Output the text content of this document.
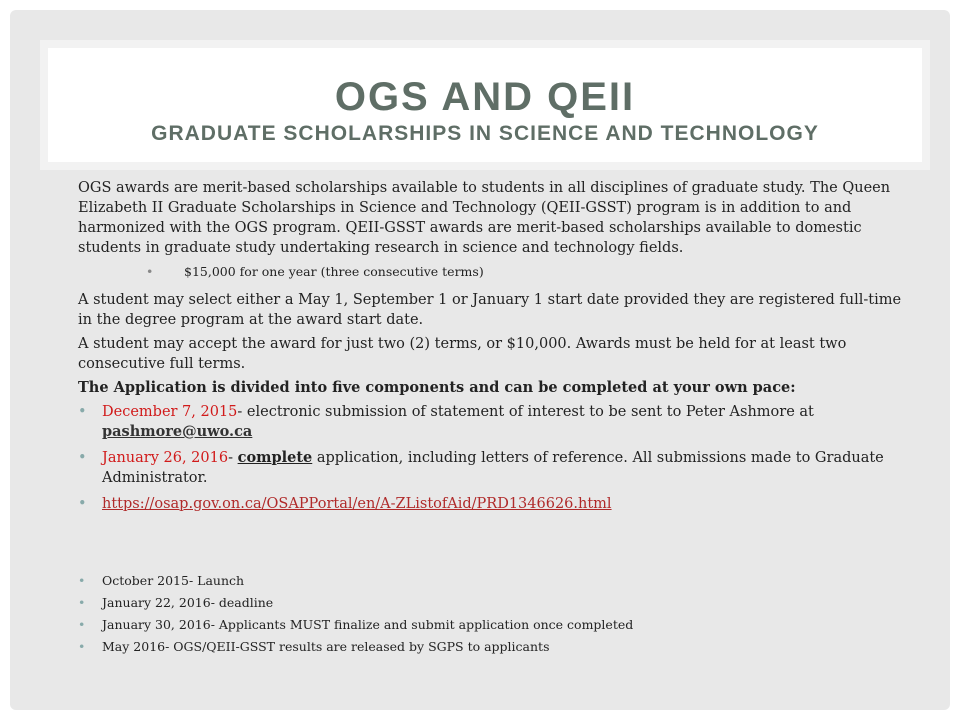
OGS AND QEII
GRADUATE SCHOLARSHIPS IN SCIENCE AND TECHNOLOGY

OGS awards are merit-based scholarships available to students in all disciplines of graduate study. The Queen Elizabeth II Graduate Scholarships in Science and Technology (QEII-GSST) program is in addition to and harmonized with the OGS program. QEII-GSST awards are merit-based scholarships available to domestic students in graduate study undertaking research in science and technology fields.

• $15,000 for one year (three consecutive terms)

A student may select either a May 1, September 1 or January 1 start date provided they are registered full-time in the degree program at the award start date.

A student may accept the award for just two (2) terms, or $10,000. Awards must be held for at least two consecutive full terms.

The Application is divided into five components and can be completed at your own pace:

• December 7, 2015- electronic submission of statement of interest to be sent to Peter Ashmore at pashmore@uwo.ca
• January 26, 2016- complete application, including letters of reference. All submissions made to Graduate Administrator.
• https://osap.gov.on.ca/OSAPPortal/en/A-ZListofAid/PRD1346626.html
• October 2015- Launch
• January 22, 2016- deadline
• January 30, 2016- Applicants MUST finalize and submit application once completed
• May 2016- OGS/QEII-GSST results are released by SGPS to applicants
